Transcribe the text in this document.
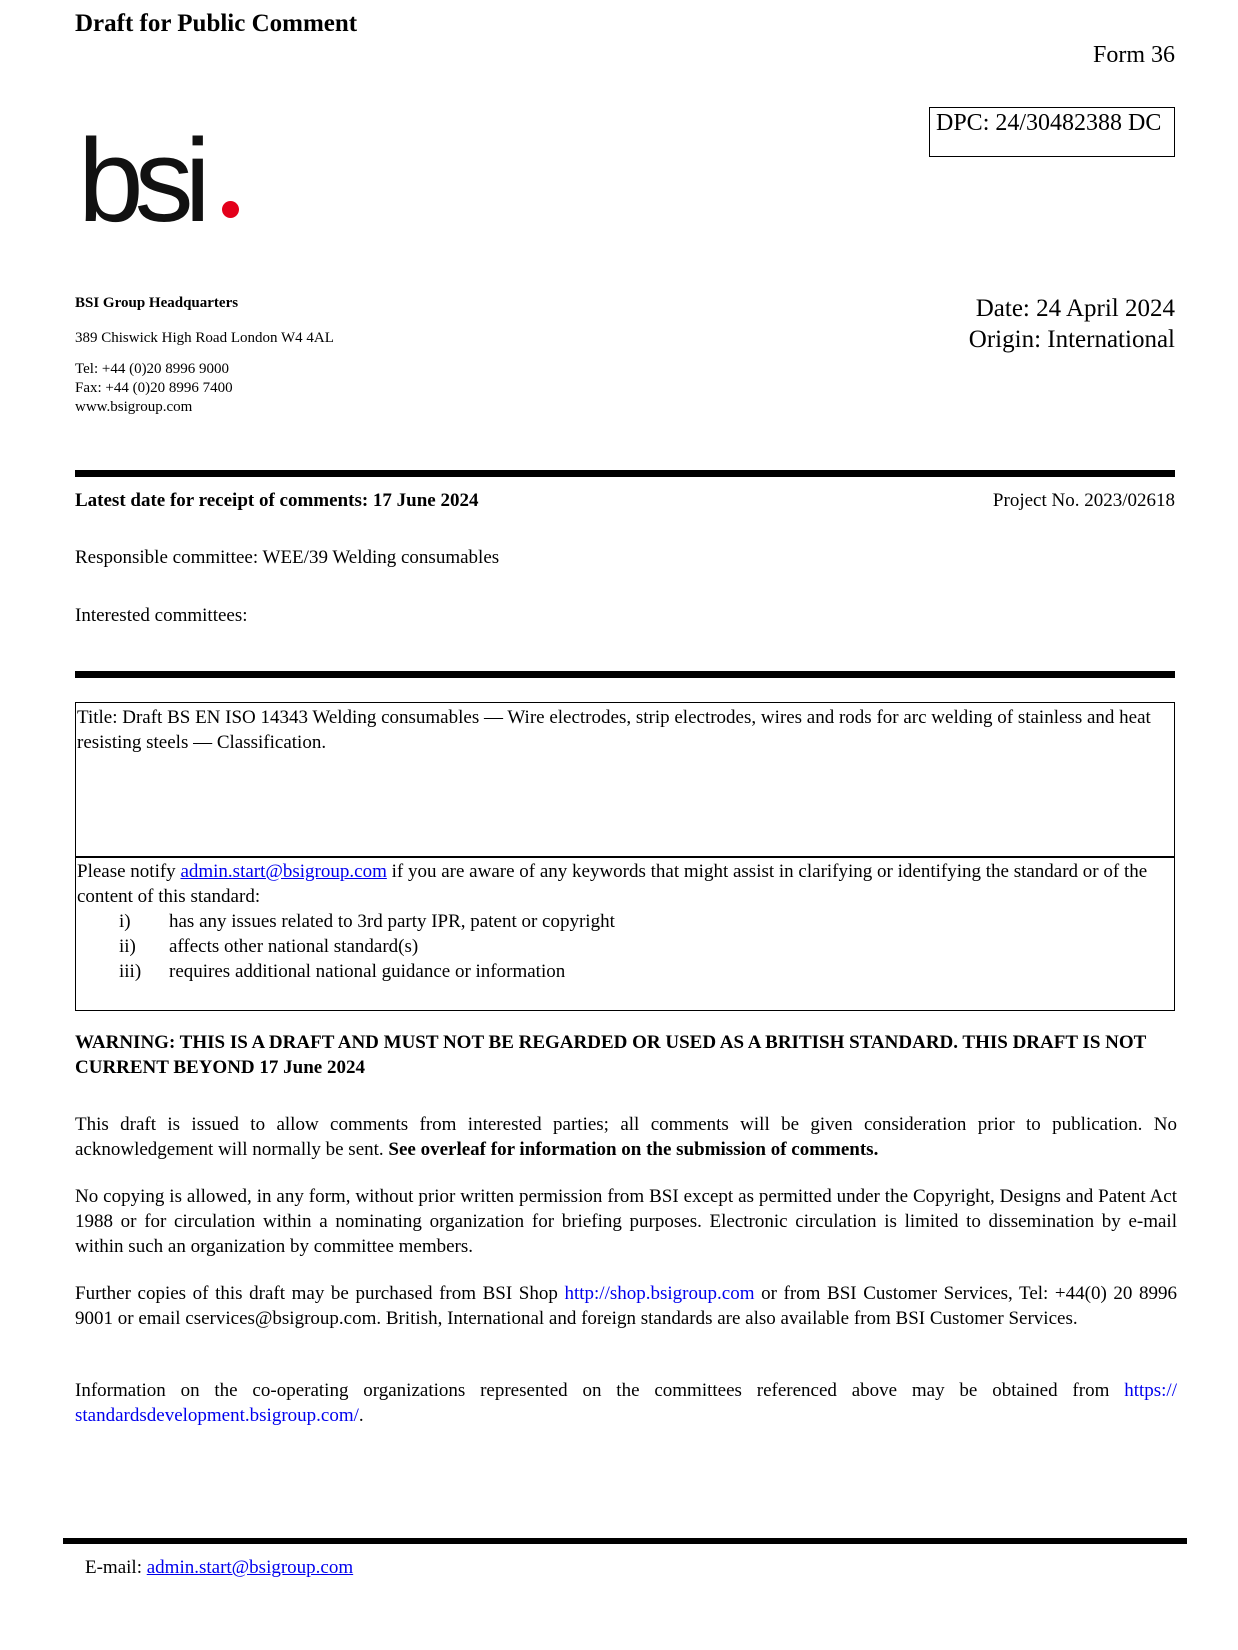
Draft for Public Comment
Form 36
DPC: 24/30482388 DC
bsi
BSI Group Headquarters
389 Chiswick High Road London W4 4AL
Tel: +44 (0)20 8996 9000
Fax: +44 (0)20 8996 7400
www.bsigroup.com
Date: 24 April 2024
Origin: International
Latest date for receipt of comments: 17 June 2024	Project No. 2023/02618
Responsible committee: WEE/39 Welding consumables
Interested committees:
Title: Draft BS EN ISO 14343 Welding consumables — Wire electrodes, strip electrodes, wires and rods for arc welding of stainless and heat resisting steels — Classification.
Please notify admin.start@bsigroup.com if you are aware of any keywords that might assist in clarifying or identifying the standard or of the content of this standard:
i) has any issues related to 3rd party IPR, patent or copyright
ii) affects other national standard(s)
iii) requires additional national guidance or information
WARNING: THIS IS A DRAFT AND MUST NOT BE REGARDED OR USED AS A BRITISH STANDARD. THIS DRAFT IS NOT CURRENT BEYOND 17 June 2024
This draft is issued to allow comments from interested parties; all comments will be given consideration prior to publication. No acknowledgement will normally be sent. See overleaf for information on the submission of comments.
No copying is allowed, in any form, without prior written permission from BSI except as permitted under the Copyright, Designs and Patent Act 1988 or for circulation within a nominating organization for briefing purposes. Electronic circulation is limited to dissemination by e-mail within such an organization by committee members.
Further copies of this draft may be purchased from BSI Shop http://shop.bsigroup.com or from BSI Customer Services, Tel: +44(0) 20 8996 9001 or email cservices@bsigroup.com. British, International and foreign standards are also available from BSI Customer Services.
Information on the co-operating organizations represented on the committees referenced above may be obtained from https:// standardsdevelopment.bsigroup.com/.
E-mail: admin.start@bsigroup.com
